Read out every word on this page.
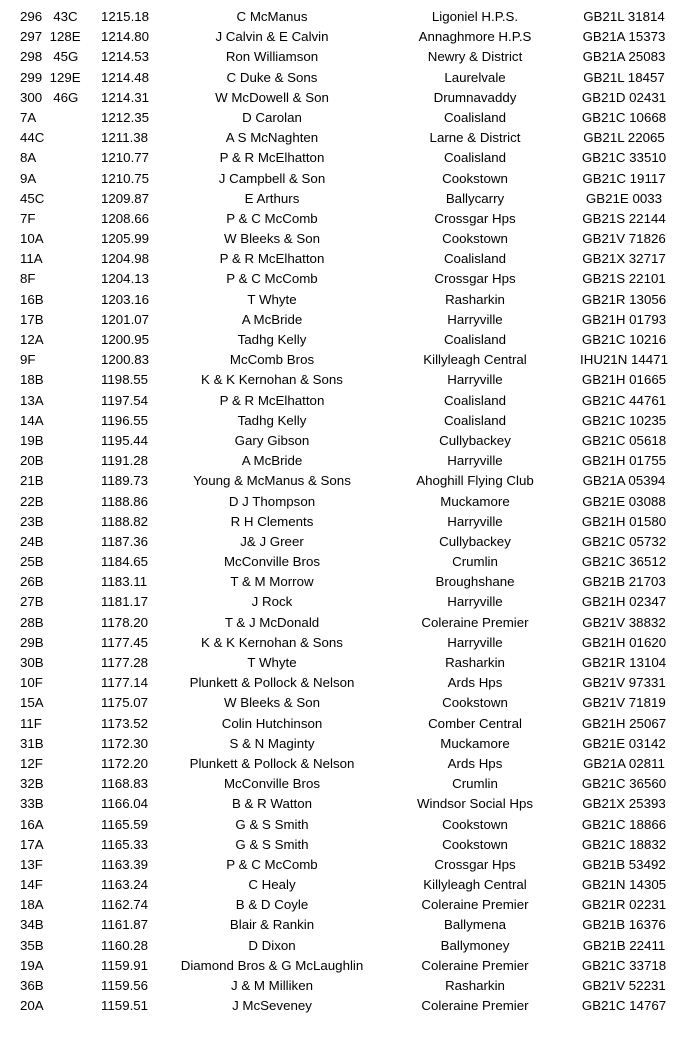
296   43C 1215.18	C McManus	Ligoniel H.P.S.	GB21L 31814
297  128E 1214.80	J Calvin & E Calvin	Annaghmore H.P.S	GB21A 15373
298   45G 1214.53	Ron Williamson	Newry & District	GB21A 25083
299  129E 1214.48	C Duke & Sons	Laurelvale	GB21L 18457
300   46G 1214.31	W McDowell & Son	Drumnavaddy	GB21D 02431
7A	1212.35	D Carolan	Coalisland	GB21C 10668
44C	1211.38	A S McNaghten	Larne & District	GB21L 22065
8A	1210.77	P & R McElhatton	Coalisland	GB21C 33510
9A	1210.75	J Campbell & Son	Cookstown	GB21C 19117
45C	1209.87	E Arthurs	Ballycarry	GB21E 0033
7F	1208.66	P & C McComb	Crossgar Hps	GB21S 22144
10A	1205.99	W Bleeks & Son	Cookstown	GB21V 71826
11A	1204.98	P & R McElhatton	Coalisland	GB21X 32717
8F	1204.13	P & C McComb	Crossgar Hps	GB21S 22101
16B	1203.16	T Whyte	Rasharkin	GB21R 13056
17B	1201.07	A McBride	Harryville	GB21H 01793
12A	1200.95	Tadhg Kelly	Coalisland	GB21C 10216
9F	1200.83	McComb Bros	Killyleagh Central	IHU21N 14471
18B	1198.55	K & K Kernohan & Sons	Harryville	GB21H 01665
13A	1197.54	P & R McElhatton	Coalisland	GB21C 44761
14A	1196.55	Tadhg Kelly	Coalisland	GB21C 10235
19B	1195.44	Gary Gibson	Cullybackey	GB21C 05618
20B	1191.28	A McBride	Harryville	GB21H 01755
21B	1189.73	Young & McManus & Sons	Ahoghill Flying Club	GB21A 05394
22B	1188.86	D J Thompson	Muckamore	GB21E 03088
23B	1188.82	R H Clements	Harryville	GB21H 01580
24B	1187.36	J& J Greer	Cullybackey	GB21C 05732
25B	1184.65	McConville Bros	Crumlin	GB21C 36512
26B	1183.11	T & M Morrow	Broughshane	GB21B 21703
27B	1181.17	J Rock	Harryville	GB21H 02347
28B	1178.20	T & J McDonald	Coleraine Premier	GB21V 38832
29B	1177.45	K & K Kernohan & Sons	Harryville	GB21H 01620
30B	1177.28	T Whyte	Rasharkin	GB21R 13104
10F	1177.14	Plunkett & Pollock & Nelson	Ards Hps	GB21V 97331
15A	1175.07	W Bleeks & Son	Cookstown	GB21V 71819
11F	1173.52	Colin Hutchinson	Comber Central	GB21H 25067
31B	1172.30	S & N Maginty	Muckamore	GB21E 03142
12F	1172.20	Plunkett & Pollock & Nelson	Ards Hps	GB21A 02811
32B	1168.83	McConville Bros	Crumlin	GB21C 36560
33B	1166.04	B & R Watton	Windsor Social Hps	GB21X 25393
16A	1165.59	G & S Smith	Cookstown	GB21C 18866
17A	1165.33	G & S Smith	Cookstown	GB21C 18832
13F	1163.39	P & C McComb	Crossgar Hps	GB21B 53492
14F	1163.24	C Healy	Killyleagh Central	GB21N 14305
18A	1162.74	B & D Coyle	Coleraine Premier	GB21R 02231
34B	1161.87	Blair & Rankin	Ballymena	GB21B 16376
35B	1160.28	D Dixon	Ballymoney	GB21B 22411
19A	1159.91 Diamond Bros & G McLaughlin	Coleraine Premier	GB21C 33718
36B	1159.56	J & M Milliken	Rasharkin	GB21V 52231
20A	1159.51	J McSeveney	Coleraine Premier	GB21C 14767
